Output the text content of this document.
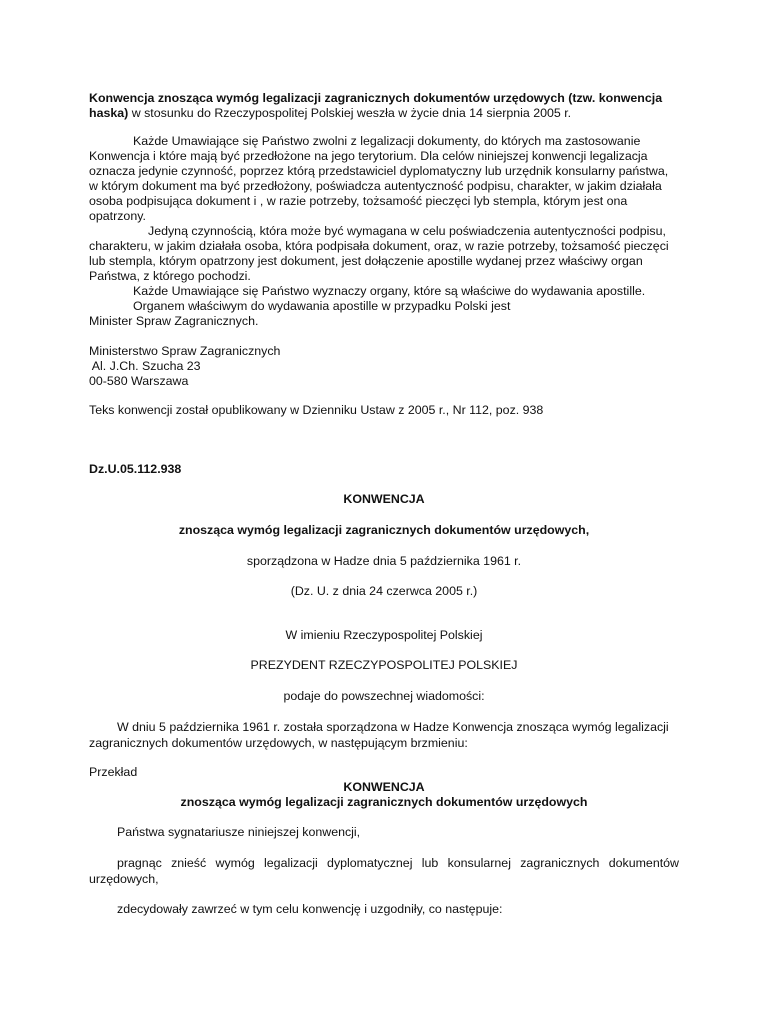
Konwencja znosząca wymóg legalizacji zagranicznych dokumentów urzędowych (tzw. konwencja
haska) w stosunku do Rzeczypospolitej Polskiej weszła w życie dnia 14 sierpnia 2005 r.
Każde Umawiające się Państwo zwolni z legalizacji dokumenty, do których ma zastosowanie
Konwencja i które mają być przedłożone na jego terytorium. Dla celów niniejszej konwencji legalizacja
oznacza jedynie czynność, poprzez którą przedstawiciel dyplomatyczny lub urzędnik konsularny państwa,
w którym dokument ma być przedłożony, poświadcza autentyczność podpisu, charakter, w jakim działała
osoba podpisująca dokument i , w razie potrzeby, tożsamość pieczęci lyb stempla, którym jest ona
opatrzony.
Jedyną czynnością, która może być wymagana w celu poświadczenia autentyczności podpisu,
charakteru, w jakim działała osoba, która podpisała dokument, oraz, w razie potrzeby, tożsamość pieczęci
lub stempla, którym opatrzony jest dokument, jest dołączenie apostille wydanej przez właściwy organ
Państwa, z którego pochodzi.
Każde Umawiające się Państwo wyznaczy organy, które są właściwe do wydawania apostille.
Organem właściwym do wydawania apostille w przypadku Polski jest
Minister Spraw Zagranicznych.
Ministerstwo Spraw Zagranicznych
Al. J.Ch. Szucha 23
00-580 Warszawa
Teks konwencji został opublikowany w Dzienniku Ustaw z 2005 r., Nr 112, poz. 938
Dz.U.05.112.938
KONWENCJA
znosząca wymóg legalizacji zagranicznych dokumentów urzędowych,
sporządzona w Hadze dnia 5 października 1961 r.
(Dz. U. z dnia 24 czerwca 2005 r.)
W imieniu Rzeczypospolitej Polskiej
PREZYDENT RZECZYPOSPOLITEJ POLSKIEJ
podaje do powszechnej wiadomości:
W dniu 5 października 1961 r. została sporządzona w Hadze Konwencja znosząca wymóg legalizacji
zagranicznych dokumentów urzędowych, w następującym brzmieniu:
Przekład
KONWENCJA
znosząca wymóg legalizacji zagranicznych dokumentów urzędowych
Państwa sygnatariusze niniejszej konwencji,
pragnąc znieść wymóg legalizacji dyplomatycznej lub konsularnej zagranicznych dokumentów
urzędowych,
zdecydowały zawrzeć w tym celu konwencję i uzgodniły, co następuje:
